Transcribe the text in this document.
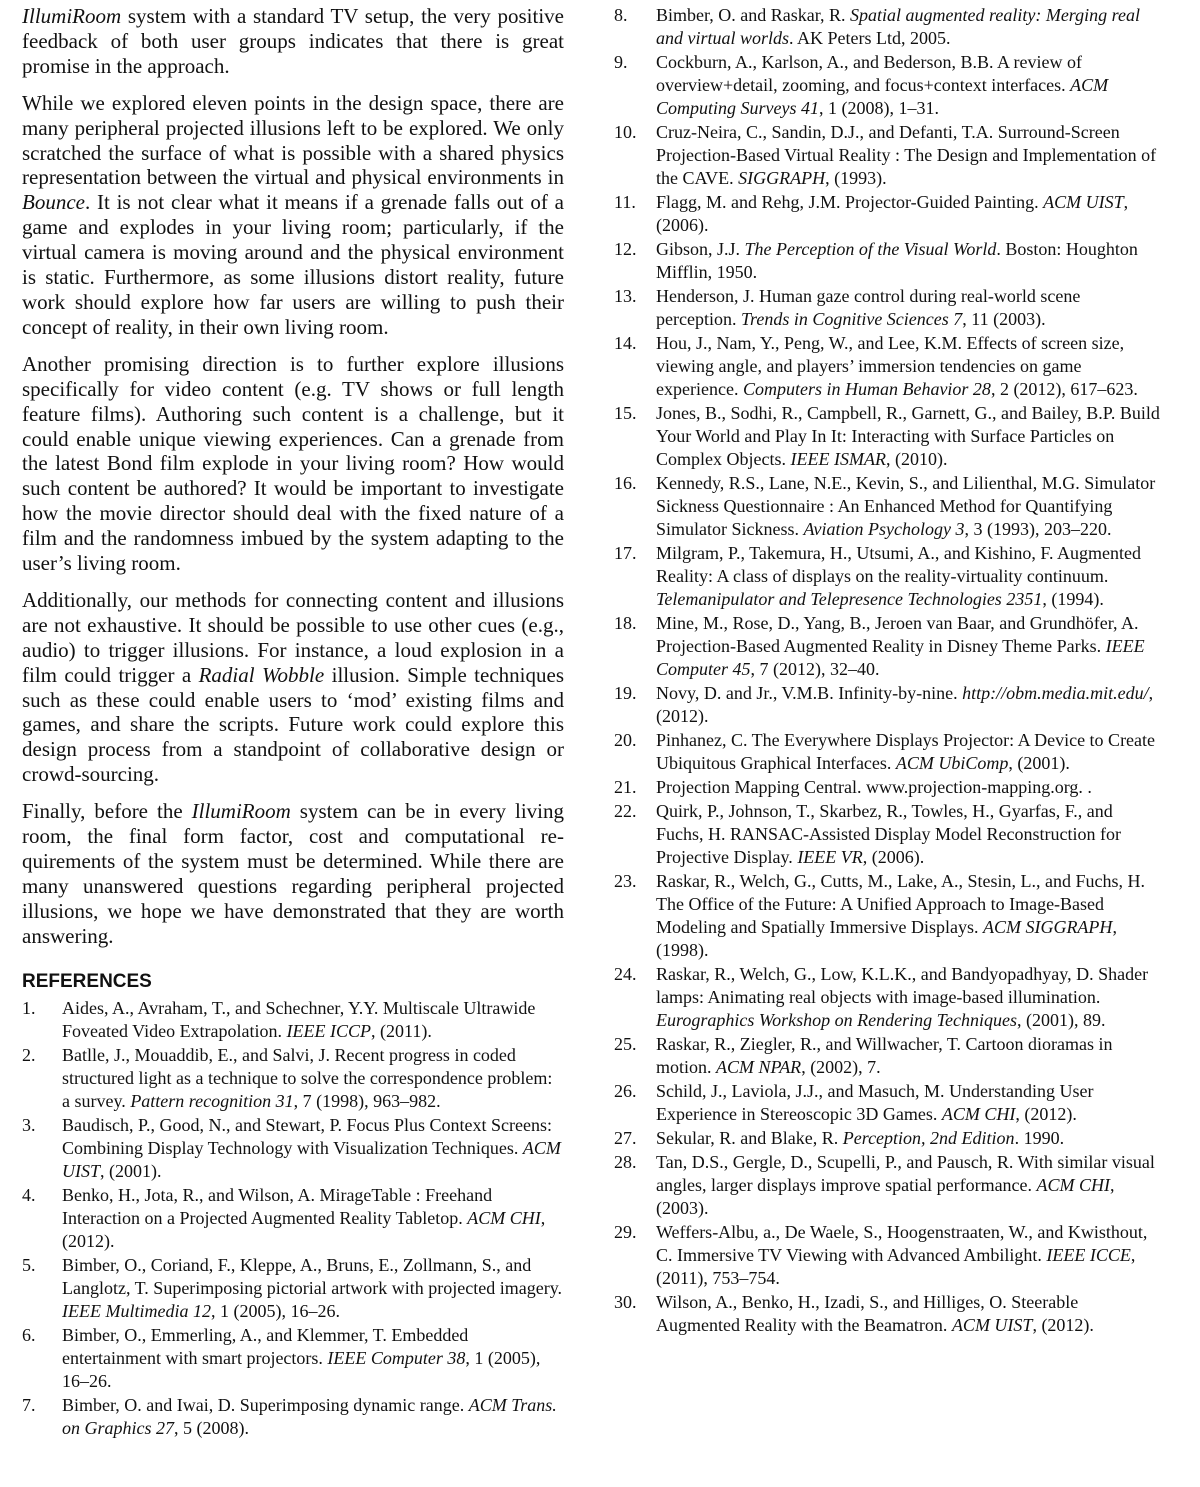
IllumiRoom system with a standard TV setup, the very positive feedback of both user groups indicates that there is great promise in the approach.

While we explored eleven points in the design space, there are many peripheral projected illusions left to be explored. We only scratched the surface of what is possible with a shared physics representation between the virtual and physical environments in Bounce. It is not clear what it means if a grenade falls out of a game and explodes in your living room; particularly, if the virtual camera is moving around and the physical environment is static. Furthermore, as some illusions distort reality, future work should explore how far users are willing to push their concept of reality, in their own living room.

Another promising direction is to further explore illusions specifically for video content (e.g. TV shows or full length feature films). Authoring such content is a challenge, but it could enable unique viewing experiences. Can a grenade from the latest Bond film explode in your living room? How would such content be authored? It would be important to investigate how the movie director should deal with the fixed nature of a film and the randomness imbued by the system adapting to the user’s living room.

Additionally, our methods for connecting content and illusions are not exhaustive. It should be possible to use other cues (e.g., audio) to trigger illusions. For instance, a loud explosion in a film could trigger a Radial Wobble illusion. Simple techniques such as these could enable users to ‘mod’ existing films and games, and share the scripts. Future work could explore this design process from a standpoint of collaborative design or crowd-sourcing.

Finally, before the IllumiRoom system can be in every living room, the final form factor, cost and computational requirements of the system must be determined. While there are many unanswered questions regarding peripheral projected illusions, we hope we have demonstrated that they are worth answering.

REFERENCES
1.	Aides, A., Avraham, T., and Schechner, Y.Y. Multiscale Ultrawide Foveated Video Extrapolation. IEEE ICCP, (2011).
2.	Batlle, J., Mouaddib, E., and Salvi, J. Recent progress in coded structured light as a technique to solve the correspondence problem: a survey. Pattern recognition 31, 7 (1998), 963–982.
3.	Baudisch, P., Good, N., and Stewart, P. Focus Plus Context Screens: Combining Display Technology with Visualization Techniques. ACM UIST, (2001).
4.	Benko, H., Jota, R., and Wilson, A. MirageTable : Freehand Interaction on a Projected Augmented Reality Tabletop. ACM CHI, (2012).
5.	Bimber, O., Coriand, F., Kleppe, A., Bruns, E., Zollmann, S., and Langlotz, T. Superimposing pictorial artwork with projected imagery. IEEE Multimedia 12, 1 (2005), 16–26.
6.	Bimber, O., Emmerling, A., and Klemmer, T. Embedded entertainment with smart projectors. IEEE Computer 38, 1 (2005), 16–26.
7.	Bimber, O. and Iwai, D. Superimposing dynamic range. ACM Trans. on Graphics 27, 5 (2008).
8.	Bimber, O. and Raskar, R. Spatial augmented reality: Merging real and virtual worlds. AK Peters Ltd, 2005.
9.	Cockburn, A., Karlson, A., and Bederson, B.B. A review of overview+detail, zooming, and focus+context interfaces. ACM Computing Surveys 41, 1 (2008), 1–31.
10.	Cruz-Neira, C., Sandin, D.J., and Defanti, T.A. Surround-Screen Projection-Based Virtual Reality : The Design and Implementation of the CAVE. SIGGRAPH, (1993).
11.	Flagg, M. and Rehg, J.M. Projector-Guided Painting. ACM UIST, (2006).
12.	Gibson, J.J. The Perception of the Visual World. Boston: Houghton Mifflin, 1950.
13.	Henderson, J. Human gaze control during real-world scene perception. Trends in Cognitive Sciences 7, 11 (2003).
14.	Hou, J., Nam, Y., Peng, W., and Lee, K.M. Effects of screen size, viewing angle, and players’ immersion tendencies on game experience. Computers in Human Behavior 28, 2 (2012), 617–623.
15.	Jones, B., Sodhi, R., Campbell, R., Garnett, G., and Bailey, B.P. Build Your World and Play In It: Interacting with Surface Particles on Complex Objects. IEEE ISMAR, (2010).
16.	Kennedy, R.S., Lane, N.E., Kevin, S., and Lilienthal, M.G. Simulator Sickness Questionnaire : An Enhanced Method for Quantifying Simulator Sickness. Aviation Psychology 3, 3 (1993), 203–220.
17.	Milgram, P., Takemura, H., Utsumi, A., and Kishino, F. Augmented Reality: A class of displays on the reality-virtuality continuum. Telemanipulator and Telepresence Technologies 2351, (1994).
18.	Mine, M., Rose, D., Yang, B., Jeroen van Baar, and Grundhöfer, A. Projection-Based Augmented Reality in Disney Theme Parks. IEEE Computer 45, 7 (2012), 32–40.
19.	Novy, D. and Jr., V.M.B. Infinity-by-nine. http://obm.media.mit.edu/, (2012).
20.	Pinhanez, C. The Everywhere Displays Projector: A Device to Create Ubiquitous Graphical Interfaces. ACM UbiComp, (2001).
21.	Projection Mapping Central. www.projection-mapping.org. .
22.	Quirk, P., Johnson, T., Skarbez, R., Towles, H., Gyarfas, F., and Fuchs, H. RANSAC-Assisted Display Model Reconstruction for Projective Display. IEEE VR, (2006).
23.	Raskar, R., Welch, G., Cutts, M., Lake, A., Stesin, L., and Fuchs, H. The Office of the Future: A Unified Approach to Image-Based Modeling and Spatially Immersive Displays. ACM SIGGRAPH, (1998).
24.	Raskar, R., Welch, G., Low, K.L.K., and Bandyopadhyay, D. Shader lamps: Animating real objects with image-based illumination. Eurographics Workshop on Rendering Techniques, (2001), 89.
25.	Raskar, R., Ziegler, R., and Willwacher, T. Cartoon dioramas in motion. ACM NPAR, (2002), 7.
26.	Schild, J., Laviola, J.J., and Masuch, M. Understanding User Experience in Stereoscopic 3D Games. ACM CHI, (2012).
27.	Sekular, R. and Blake, R. Perception, 2nd Edition. 1990.
28.	Tan, D.S., Gergle, D., Scupelli, P., and Pausch, R. With similar visual angles, larger displays improve spatial performance. ACM CHI, (2003).
29.	Weffers-Albu, a., De Waele, S., Hoogenstraaten, W., and Kwisthout, C. Immersive TV Viewing with Advanced Ambilight. IEEE ICCE, (2011), 753–754.
30.	Wilson, A., Benko, H., Izadi, S., and Hilliges, O. Steerable Augmented Reality with the Beamatron. ACM UIST, (2012).
